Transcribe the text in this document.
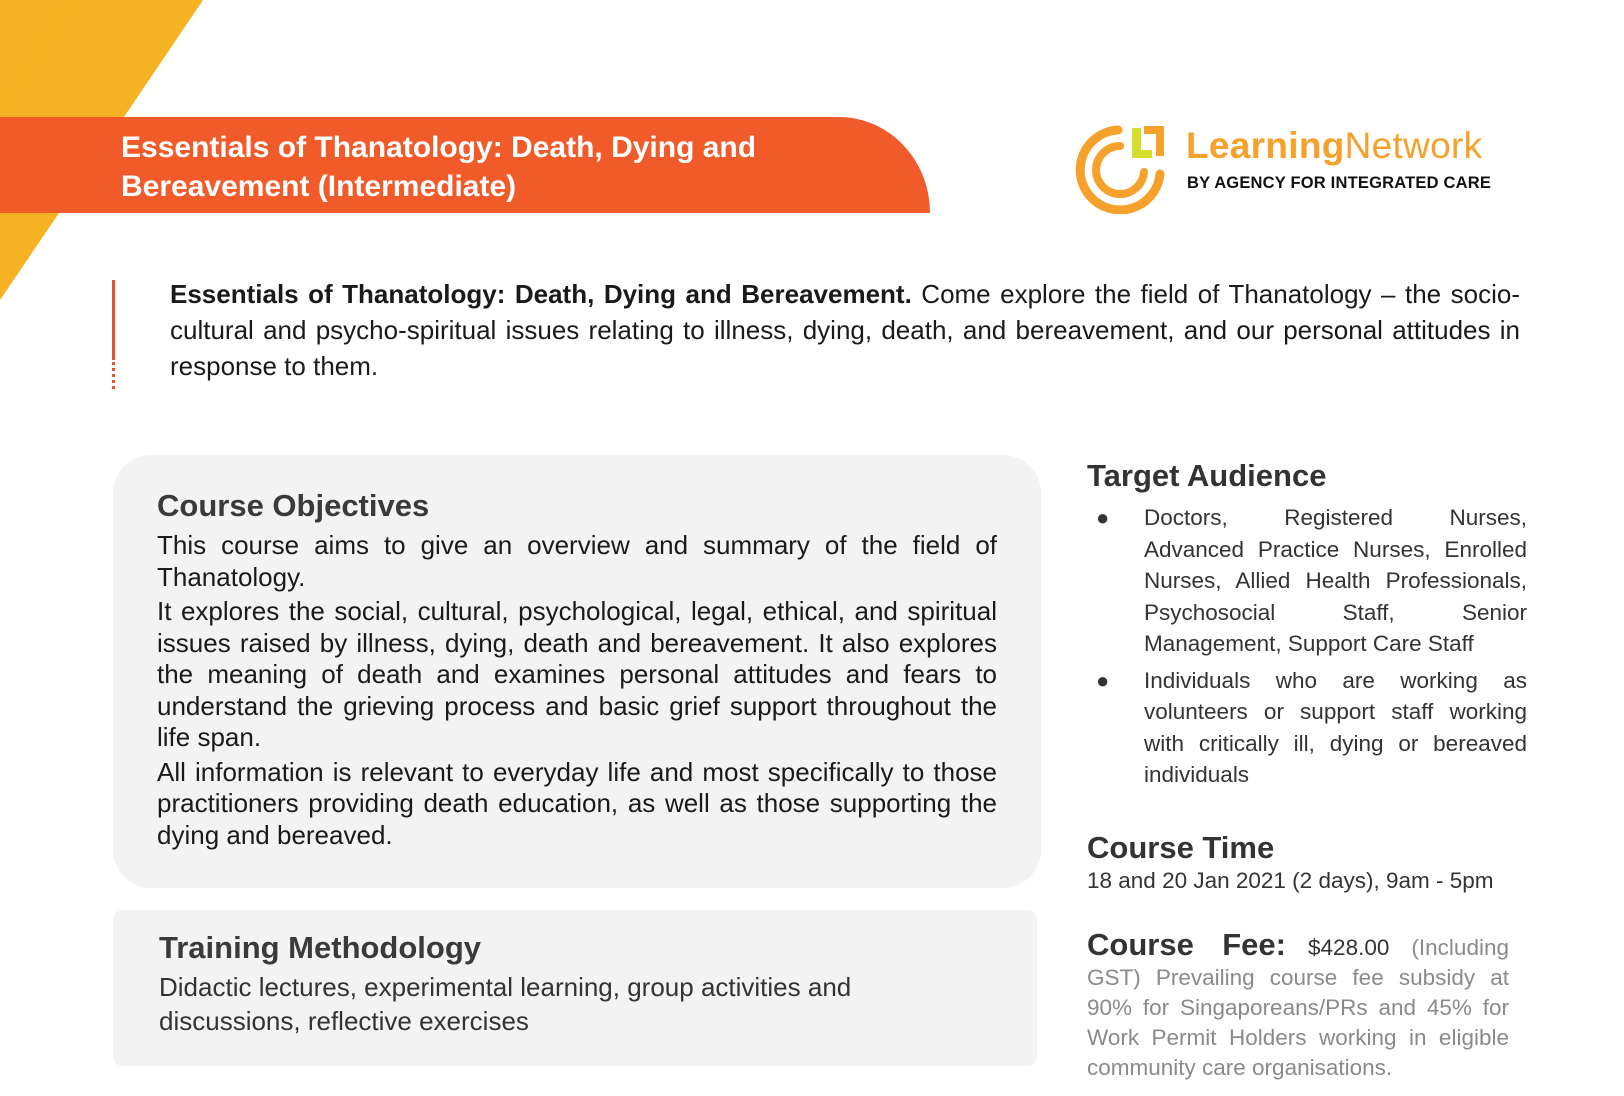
Essentials of Thanatology: Death, Dying and
Bereavement (Intermediate)
LearningNetwork
BY AGENCY FOR INTEGRATED CARE
Essentials of Thanatology: Death, Dying and Bereavement. Come explore the field of Thanatology – the socio-cultural and psycho-spiritual issues relating to illness, dying, death, and bereavement, and our personal attitudes in response to them.
Course Objectives

This course aims to give an overview and summary of the field of Thanatology.

It explores the social, cultural, psychological, legal, ethical, and spiritual issues raised by illness, dying, death and bereavement. It also explores the meaning of death and examines personal attitudes and fears to understand the grieving process and basic grief support throughout the life span.

All information is relevant to everyday life and most specifically to those practitioners providing death education, as well as those supporting the dying and bereaved.

Training Methodology
Didactic lectures, experimental learning, group activities and discussions, reflective exercises
Target Audience
● Doctors, Registered Nurses, Advanced Practice Nurses, Enrolled Nurses, Allied Health Professionals, Psychosocial Staff, Senior Management, Support Care Staff
● Individuals who are working as volunteers or support staff working with critically ill, dying or bereaved individuals
Course Time
18 and 20 Jan 2021 (2 days), 9am - 5pm
Course Fee: $428.00 (Including GST) Prevailing course fee subsidy at 90% for Singaporeans/PRs and 45% for Work Permit Holders working in eligible community care organisations.
